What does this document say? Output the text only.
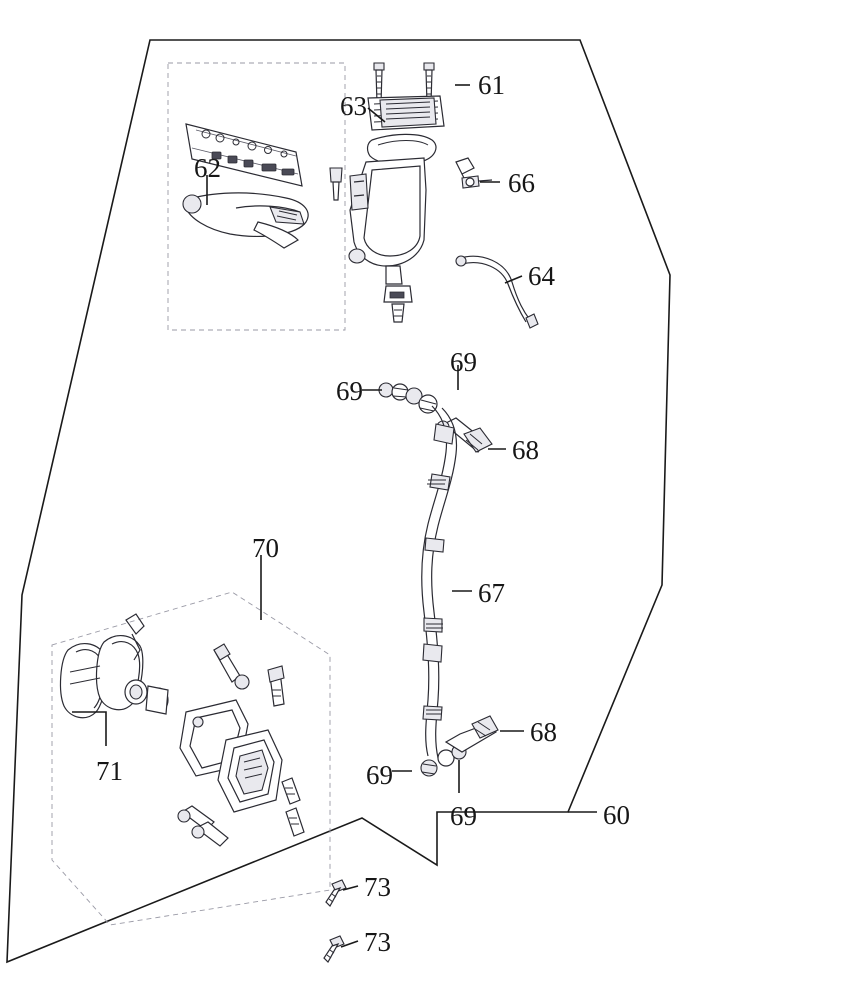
61
63
62	66
64
69
69
68
70
67
71
68
69
69	60
73
73
